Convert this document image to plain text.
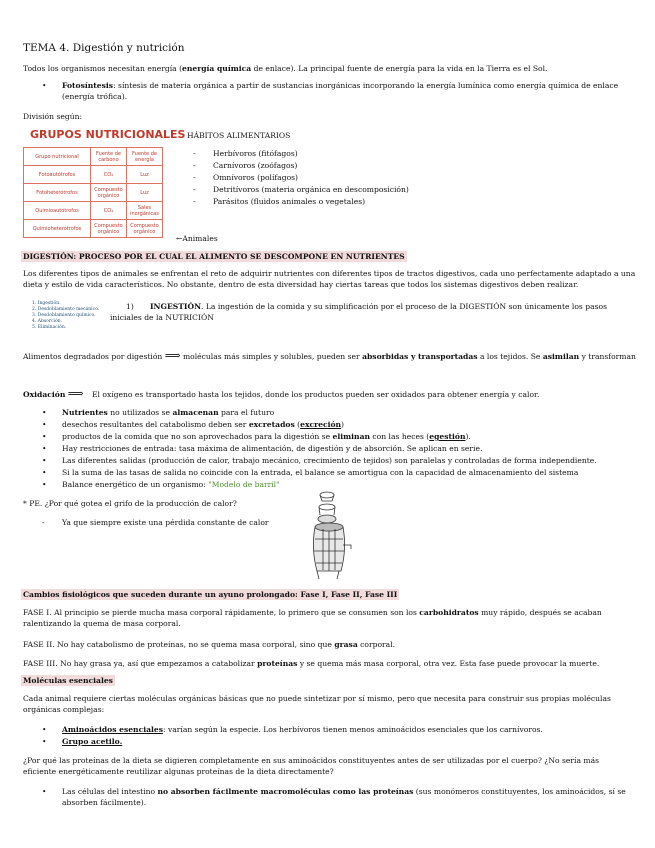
TEMA 4. Digestión y nutrición

Todos los organismos necesitan energía (energía química de enlace). La principal fuente de energía para la vida en la Tierra es el Sol.

• Fotosíntesis: síntesis de materia orgánica a partir de sustancias inorgánicas incorporando la energía lumínica como energía química de enlace (energía trófica).

División según:

GRUPOS NUTRICIONALES
Grupo nutricional	Fuente de carbono	Fuente de energía
Fotoautótrofos	CO₂	Luz
Fotoheterótrofos	Compuesto orgánico	Luz
Quimioautótrofos	CO₂	Sales inorgánicas
Quimioheterótrofos	Compuesto orgánico	Compuesto orgánico
←Animales
HÁBITOS ALIMENTARIOS
- Herbívoros (fitófagos)
- Carnívoros (zoófagos)
- Omnívoros (polífagos)
- Detritívoros (materia orgánica en descomposición)
- Parásitos (fluidos animales o vegetales)
DIGESTIÓN: PROCESO POR EL CUAL EL ALIMENTO SE DESCOMPONE EN NUTRIENTES

Los diferentes tipos de animales se enfrentan el reto de adquirir nutrientes con diferentes tipos de tractos digestivos, cada uno perfectamente adaptado a una dieta y estilo de vida característicos. No obstante, dentro de esta diversidad hay ciertas tareas que todos los sistemas digestivos deben realizar.

1. Ingestión.
2. Desdoblamiento mecánico.
3. Desdoblamiento químico.
4. Absorción.
5. Eliminación.
1)	INGESTIÓN. La ingestión de la comida y su simplificación por el proceso de la DIGESTIÓN son únicamente los pasos iniciales de la NUTRICIÓN

Alimentos degradados por digestión ⟹ moléculas más simples y solubles, pueden ser absorbidas y transportadas a los tejidos. Se asimilan y transforman

Oxidación ⟹ El oxígeno es transportado hasta los tejidos, donde los productos pueden ser oxidados para obtener energía y calor.

• Nutrientes no utilizados se almacenan para el futuro
• desechos resultantes del catabolismo deben ser excretados (excreción)
• productos de la comida que no son aprovechados para la digestión se eliminan con las heces (egestión).
• Hay restricciones de entrada: tasa máxima de alimentación, de digestión y de absorción. Se aplican en serie.
• Las diferentes salidas (producción de calor, trabajo mecánico, crecimiento de tejidos) son paralelas y controladas de forma independiente.
• Si la suma de las tasas de salida no coincide con la entrada, el balance se amortigua con la capacidad de almacenamiento del sistema
• Balance energético de un organismo: "Modelo de barril"

* PE. ¿Por qué gotea el grifo de la producción de calor?

- Ya que siempre existe una pérdida constante de calor

Cambios fisiológicos que suceden durante un ayuno prolongado: Fase I, Fase II, Fase III

FASE I. Al principio se pierde mucha masa corporal rápidamente, lo primero que se consumen son los carbohidratos muy rápido, después se acaban ralentizando la quema de masa corporal.

FASE II. No hay catabolismo de proteínas, no se quema masa corporal, sino que grasa corporal.

FASE III. No hay grasa ya, así que empezamos a catabolizar proteínas y se quema más masa corporal, otra vez. Esta fase puede provocar la muerte.

Moléculas esenciales

Cada animal requiere ciertas moléculas orgánicas básicas que no puede sintetizar por sí mismo, pero que necesita para construir sus propias moléculas orgánicas complejas:

• Aminoácidos esenciales: varían según la especie. Los herbívoros tienen menos aminoácidos esenciales que los carnívoros.
• Grupo acetilo.

¿Por qué las proteínas de la dieta se digieren completamente en sus aminoácidos constituyentes antes de ser utilizadas por el cuerpo? ¿No sería más eficiente energéticamente reutilizar algunas proteínas de la dieta directamente?

• Las células del intestino no absorben fácilmente macromoléculas como las proteínas (sus monómeros constituyentes, los aminoácidos, sí se absorben fácilmente).
